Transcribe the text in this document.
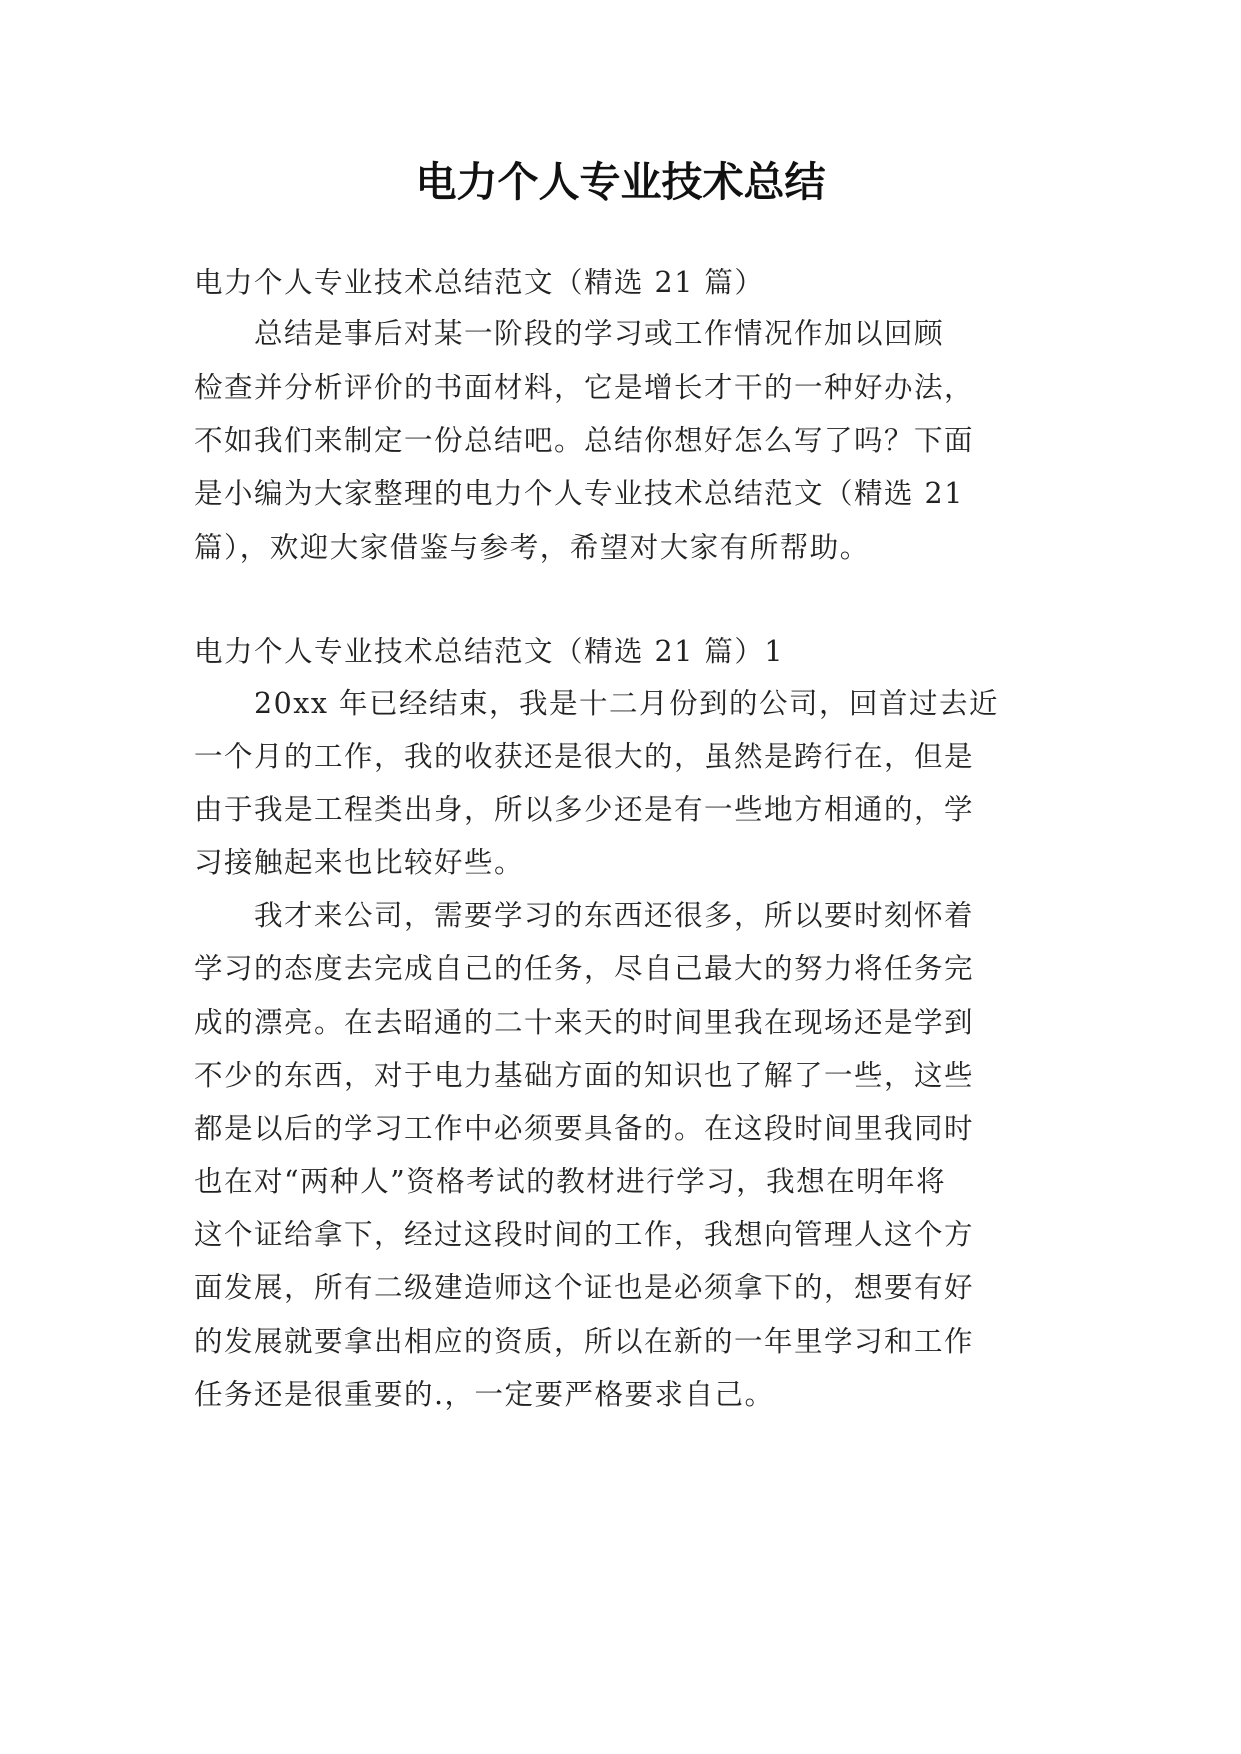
电力个人专业技术总结

电力个人专业技术总结范文（精选 21 篇）

　　总结是事后对某一阶段的学习或工作情况作加以回顾

检查并分析评价的书面材料，它是增长才干的一种好办法，

不如我们来制定一份总结吧。总结你想好怎么写了吗？下面

是小编为大家整理的电力个人专业技术总结范文（精选 21

篇），欢迎大家借鉴与参考，希望对大家有所帮助。

电力个人专业技术总结范文（精选 21 篇）1

　　20xx 年已经结束，我是十二月份到的公司，回首过去近

一个月的工作，我的收获还是很大的，虽然是跨行在，但是

由于我是工程类出身，所以多少还是有一些地方相通的，学

习接触起来也比较好些。

　　我才来公司，需要学习的东西还很多，所以要时刻怀着

学习的态度去完成自己的任务，尽自己最大的努力将任务完

成的漂亮。在去昭通的二十来天的时间里我在现场还是学到

不少的东西，对于电力基础方面的知识也了解了一些，这些

都是以后的学习工作中必须要具备的。在这段时间里我同时

也在对“两种人”资格考试的教材进行学习，我想在明年将

这个证给拿下，经过这段时间的工作，我想向管理人这个方

面发展，所有二级建造师这个证也是必须拿下的，想要有好

的发展就要拿出相应的资质，所以在新的一年里学习和工作

任务还是很重要的.，一定要严格要求自己。
